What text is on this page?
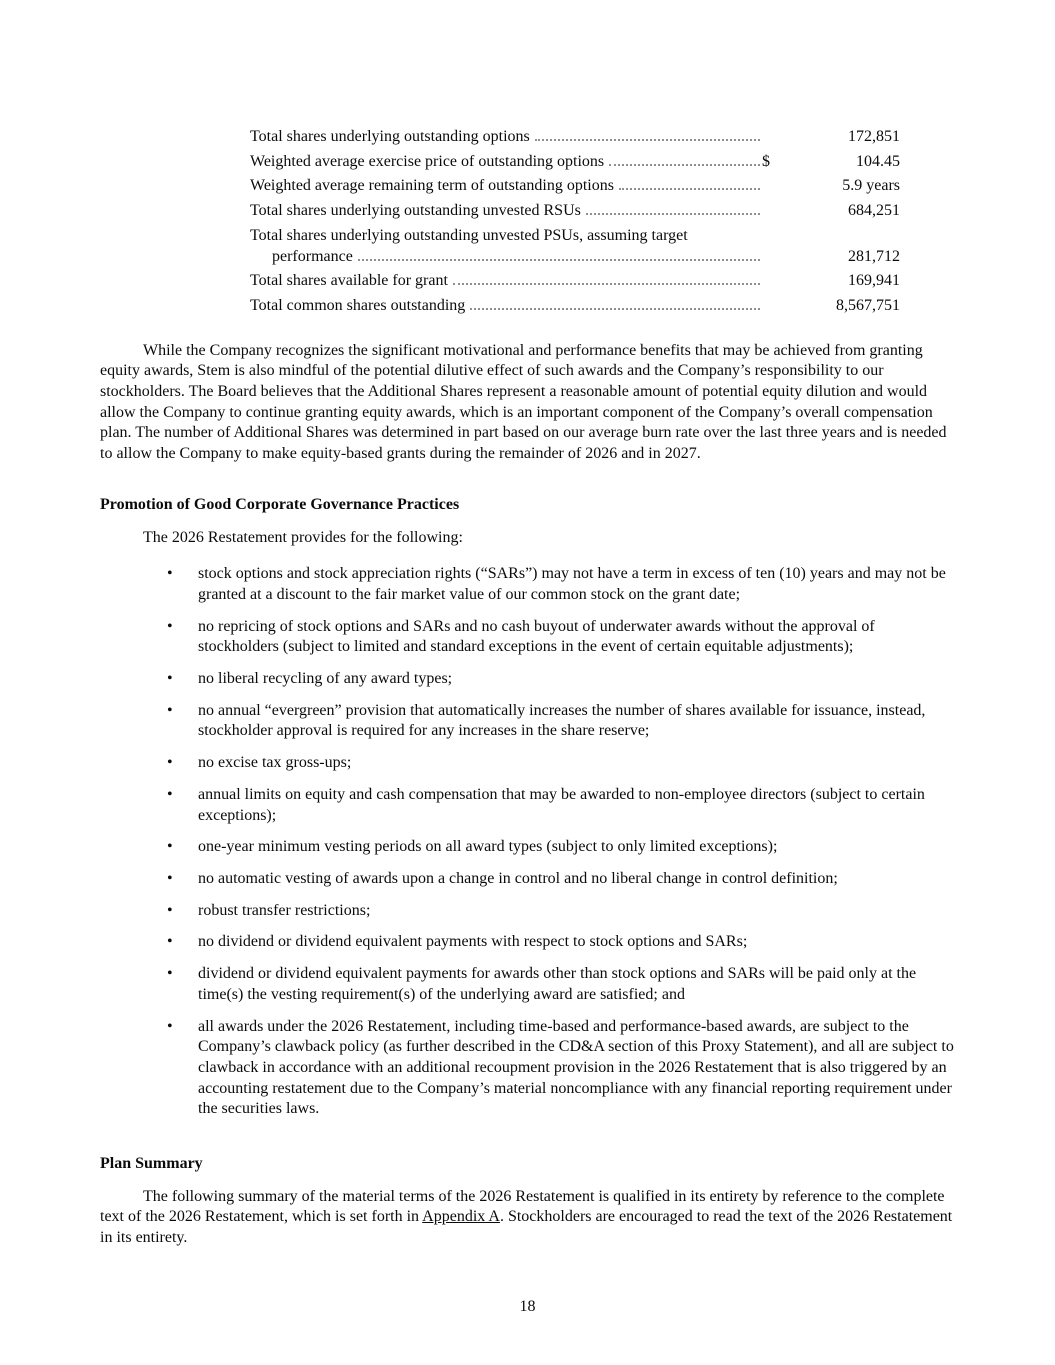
Total shares underlying outstanding options	172,851
Weighted average exercise price of outstanding options	$	104.45
Weighted average remaining term of outstanding options	5.9 years
Total shares underlying outstanding unvested RSUs	684,251
Total shares underlying outstanding unvested PSUs, assuming target
performance	281,712
Total shares available for grant	169,941
Total common shares outstanding	8,567,751

While the Company recognizes the significant motivational and performance benefits that may be achieved from granting equity awards, Stem is also mindful of the potential dilutive effect of such awards and the Company’s responsibility to our stockholders. The Board believes that the Additional Shares represent a reasonable amount of potential equity dilution and would allow the Company to continue granting equity awards, which is an important component of the Company’s overall compensation plan. The number of Additional Shares was determined in part based on our average burn rate over the last three years and is needed to allow the Company to make equity-based grants during the remainder of 2026 and in 2027.

Promotion of Good Corporate Governance Practices

The 2026 Restatement provides for the following:

•
stock options and stock appreciation rights (“SARs”) may not have a term in excess of ten (10) years and may not be granted at a discount to the fair market value of our common stock on the grant date;
•
no repricing of stock options and SARs and no cash buyout of underwater awards without the approval of stockholders (subject to limited and standard exceptions in the event of certain equitable adjustments);
•
no liberal recycling of any award types;
•
no annual “evergreen” provision that automatically increases the number of shares available for issuance, instead, stockholder approval is required for any increases in the share reserve;
•
no excise tax gross-ups;
•
annual limits on equity and cash compensation that may be awarded to non-employee directors (subject to certain exceptions);
•
one-year minimum vesting periods on all award types (subject to only limited exceptions);
•
no automatic vesting of awards upon a change in control and no liberal change in control definition;
•
robust transfer restrictions;
•
no dividend or dividend equivalent payments with respect to stock options and SARs;
•
dividend or dividend equivalent payments for awards other than stock options and SARs will be paid only at the time(s) the vesting requirement(s) of the underlying award are satisfied; and
•
all awards under the 2026 Restatement, including time-based and performance-based awards, are subject to the Company’s clawback policy (as further described in the CD&A section of this Proxy Statement), and all are subject to clawback in accordance with an additional recoupment provision in the 2026 Restatement that is also triggered by an accounting restatement due to the Company’s material noncompliance with any financial reporting requirement under the securities laws.
Plan Summary

The following summary of the material terms of the 2026 Restatement is qualified in its entirety by reference to the complete text of the 2026 Restatement, which is set forth in Appendix A. Stockholders are encouraged to read the text of the 2026 Restatement in its entirety.

18
